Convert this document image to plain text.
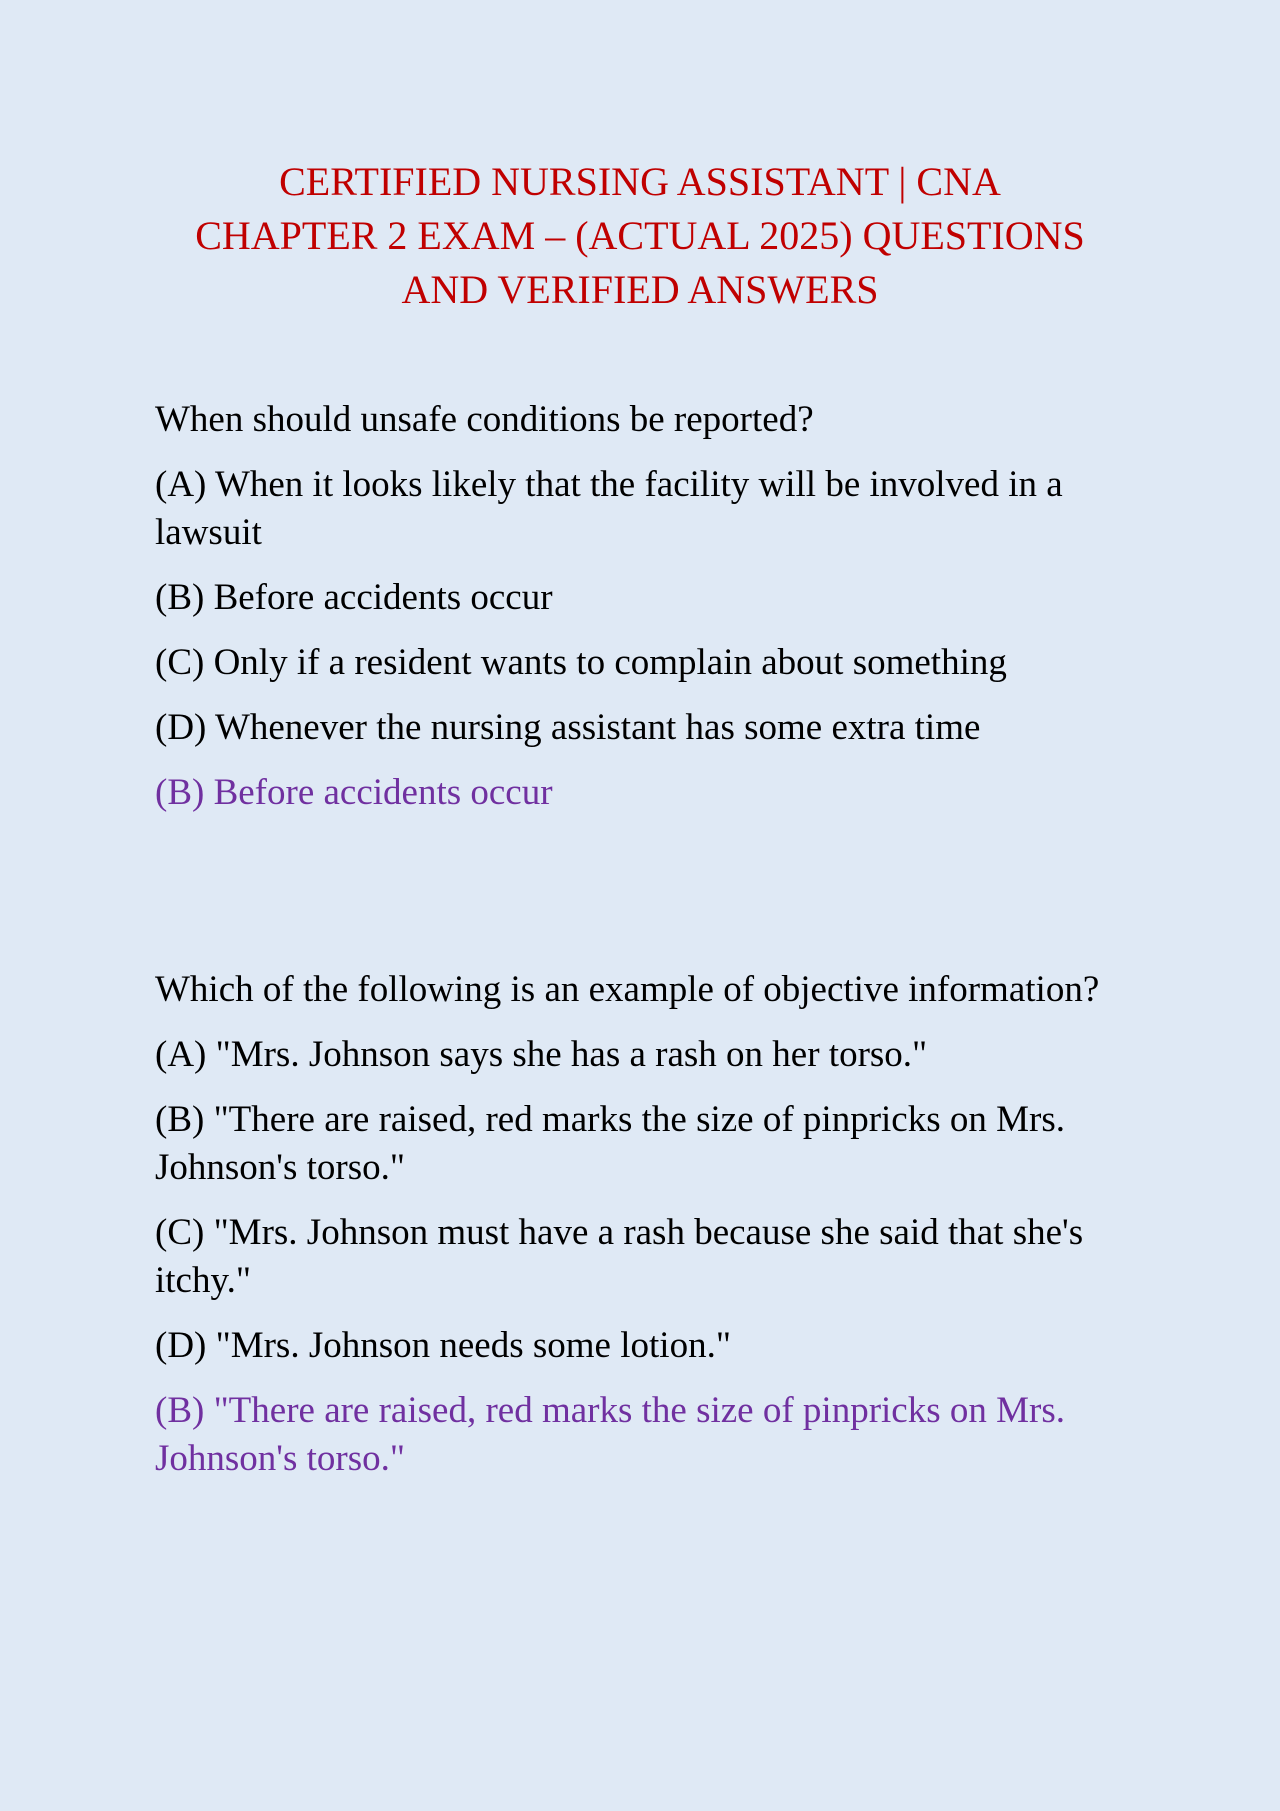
CERTIFIED NURSING ASSISTANT | CNA
CHAPTER 2 EXAM – (ACTUAL 2025) QUESTIONS
AND VERIFIED ANSWERS

When should unsafe conditions be reported?

(A) When it looks likely that the facility will be involved in a lawsuit

(B) Before accidents occur

(C) Only if a resident wants to complain about something

(D) Whenever the nursing assistant has some extra time

(B) Before accidents occur

Which of the following is an example of objective information?

(A) "Mrs. Johnson says she has a rash on her torso."

(B) "There are raised, red marks the size of pinpricks on Mrs. Johnson's torso."

(C) "Mrs. Johnson must have a rash because she said that she's itchy."

(D) "Mrs. Johnson needs some lotion."

(B) "There are raised, red marks the size of pinpricks on Mrs. Johnson's torso."
